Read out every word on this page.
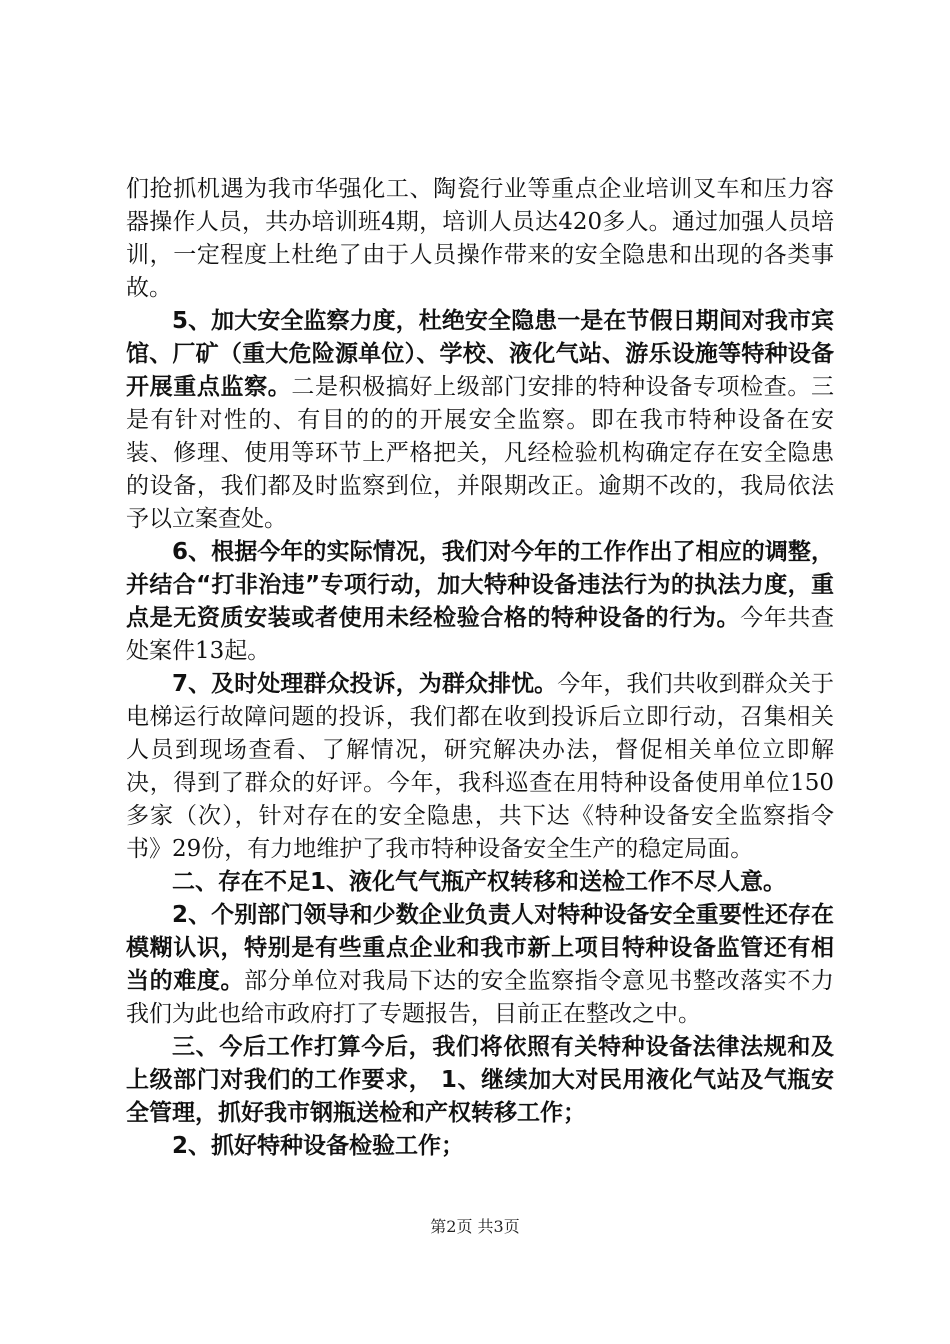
们抢抓机遇为我市华强化工、陶瓷行业等重点企业培训叉车和压力容器操作人员，共办培训班4期，培训人员达420多人。通过加强人员培训，一定程度上杜绝了由于人员操作带来的安全隐患和出现的各类事故。

5、加大安全监察力度，杜绝安全隐患一是在节假日期间对我市宾馆、厂矿（重大危险源单位）、学校、液化气站、游乐设施等特种设备开展重点监察。二是积极搞好上级部门安排的特种设备专项检查。三是有针对性的、有目的的的开展安全监察。即在我市特种设备在安装、修理、使用等环节上严格把关，凡经检验机构确定存在安全隐患的设备，我们都及时监察到位，并限期改正。逾期不改的，我局依法予以立案查处。

6、根据今年的实际情况，我们对今年的工作作出了相应的调整，并结合“打非治违”专项行动，加大特种设备违法行为的执法力度，重点是无资质安装或者使用未经检验合格的特种设备的行为。今年共查处案件13起。

7、及时处理群众投诉，为群众排忧。今年，我们共收到群众关于电梯运行故障问题的投诉，我们都在收到投诉后立即行动，召集相关人员到现场查看、了解情况，研究解决办法，督促相关单位立即解决，得到了群众的好评。今年，我科巡查在用特种设备使用单位150多家（次），针对存在的安全隐患，共下达《特种设备安全监察指令书》29份，有力地维护了我市特种设备安全生产的稳定局面。

二、存在不足1、液化气气瓶产权转移和送检工作不尽人意。

2、个别部门领导和少数企业负责人对特种设备安全重要性还存在模糊认识，特别是有些重点企业和我市新上项目特种设备监管还有相当的难度。部分单位对我局下达的安全监察指令意见书整改落实不力我们为此也给市政府打了专题报告，目前正在整改之中。

三、今后工作打算今后，我们将依照有关特种设备法律法规和及上级部门对我们的工作要求， 1、继续加大对民用液化气站及气瓶安全管理，抓好我市钢瓶送检和产权转移工作；

2、抓好特种设备检验工作；

第2页 共3页
